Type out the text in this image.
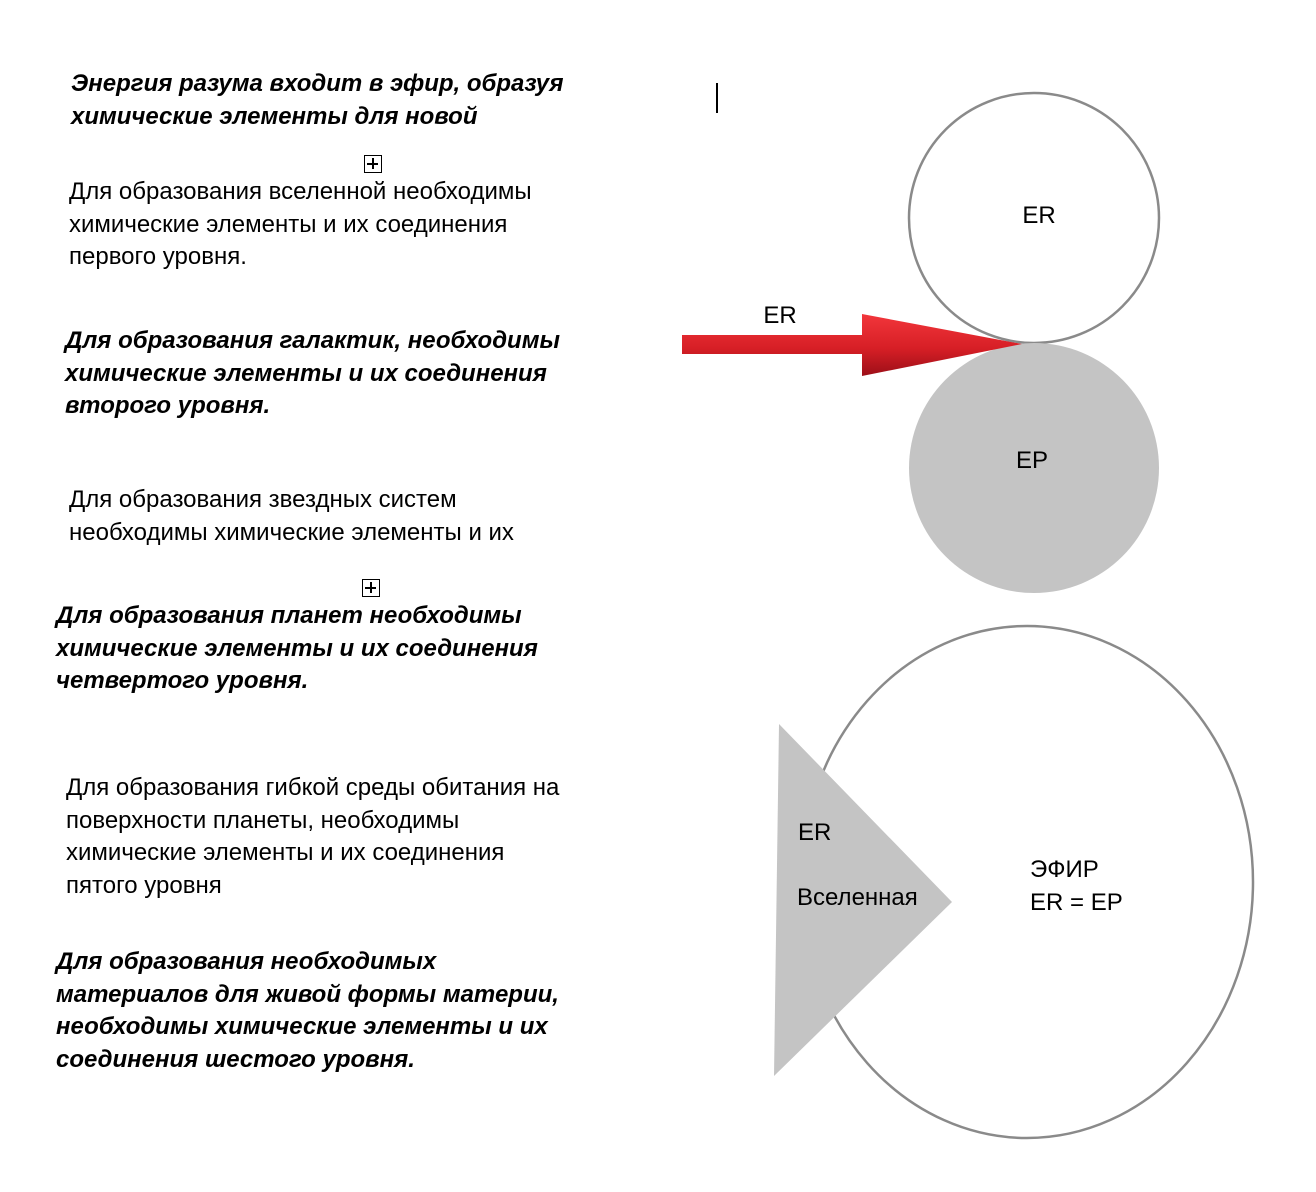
Энергия разума входит в эфир, образуя
химические элементы для новой

Для образования вселенной необходимы
химические элементы и их соединения
первого уровня.

Для образования галактик, необходимы
химические элементы и их соединения
второго уровня.

Для образования звездных систем
необходимы химические элементы и их

Для образования планет необходимы
химические элементы и их соединения
четвертого уровня.

Для образования гибкой среды обитания на
поверхности планеты, необходимы
химические элементы и их соединения
пятого уровня

Для образования необходимых
материалов для живой формы материи,
необходимы химические элементы и их
соединения шестого уровня.

ER
EP
ER
ER
Вселенная
ЭФИР
ER = EP
